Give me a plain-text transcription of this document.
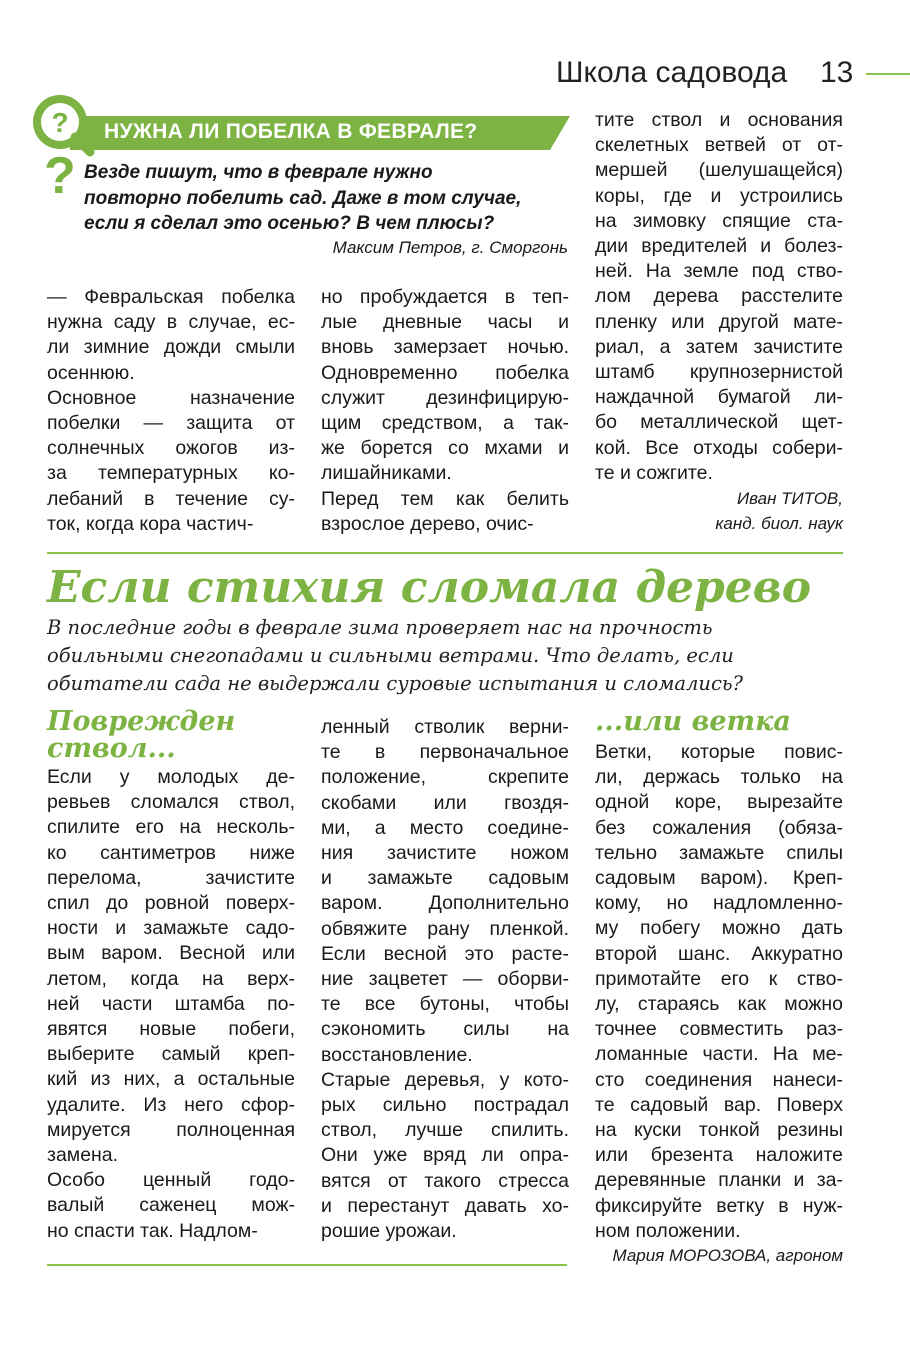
Школа садовода 13
? НУЖНА ЛИ ПОБЕЛКА В ФЕВРАЛЕ?
? Везде пишут, что в феврале нужно
повторно побелить сад. Даже в том случае,
если я сделал это осенью? В чем плюсы?
Максим Петров, г. Сморгонь
— Февральская побелка
нужна саду в случае, ес-
ли зимние дожди смыли
осеннюю.
Основное назначение
побелки — защита от
солнечных ожогов из-
за температурных ко-
лебаний в течение су-
ток, когда кора частич-
но пробуждается в теп-
лые дневные часы и
вновь замерзает ночью.
Одновременно побелка
служит дезинфицирую-
щим средством, а так-
же борется со мхами и
лишайниками.
Перед тем как белить
взрослое дерево, очис-
тите ствол и основания
скелетных ветвей от от-
мершей (шелушащейся)
коры, где и устроились
на зимовку спящие ста-
дии вредителей и болез-
ней. На земле под ство-
лом дерева расстелите
пленку или другой мате-
риал, а затем зачистите
штамб крупнозернистой
наждачной бумагой ли-
бо металлической щет-
кой. Все отходы собери-
те и сожгите.
Иван ТИТОВ,
канд. биол. наук
Если стихия сломала дерево
В последние годы в феврале зима проверяет нас на прочность
обильными снегопадами и сильными ветрами. Что делать, если
обитатели сада не выдержали суровые испытания и сломались?
Поврежден
ствол...
Если у молодых де-
ревьев сломался ствол,
спилите его на несколь-
ко сантиметров ниже
перелома, зачистите
спил до ровной поверх-
ности и замажьте садо-
вым варом. Весной или
летом, когда на верх-
ней части штамба по-
явятся новые побеги,
выберите самый креп-
кий из них, а остальные
удалите. Из него сфор-
мируется полноценная
замена.
Особо ценный годо-
валый саженец мож-
но спасти так. Надлом-
ленный стволик верни-
те в первоначальное
положение, скрепите
скобами или гвоздя-
ми, а место соедине-
ния зачистите ножом
и замажьте садовым
варом. Дополнительно
обвяжите рану пленкой.
Если весной это расте-
ние зацветет — оборви-
те все бутоны, чтобы
сэкономить силы на
восстановление.
Старые деревья, у кото-
рых сильно пострадал
ствол, лучше спилить.
Они уже вряд ли опра-
вятся от такого стресса
и перестанут давать хо-
рошие урожаи.
...или ветка
Ветки, которые повис-
ли, держась только на
одной коре, вырезайте
без сожаления (обяза-
тельно замажьте спилы
садовым варом). Креп-
кому, но надломленно-
му побегу можно дать
второй шанс. Аккуратно
примотайте его к ство-
лу, стараясь как можно
точнее совместить раз-
ломанные части. На ме-
сто соединения нанеси-
те садовый вар. Поверх
на куски тонкой резины
или брезента наложите
деревянные планки и за-
фиксируйте ветку в нуж-
ном положении.
Мария МОРОЗОВА, агроном
